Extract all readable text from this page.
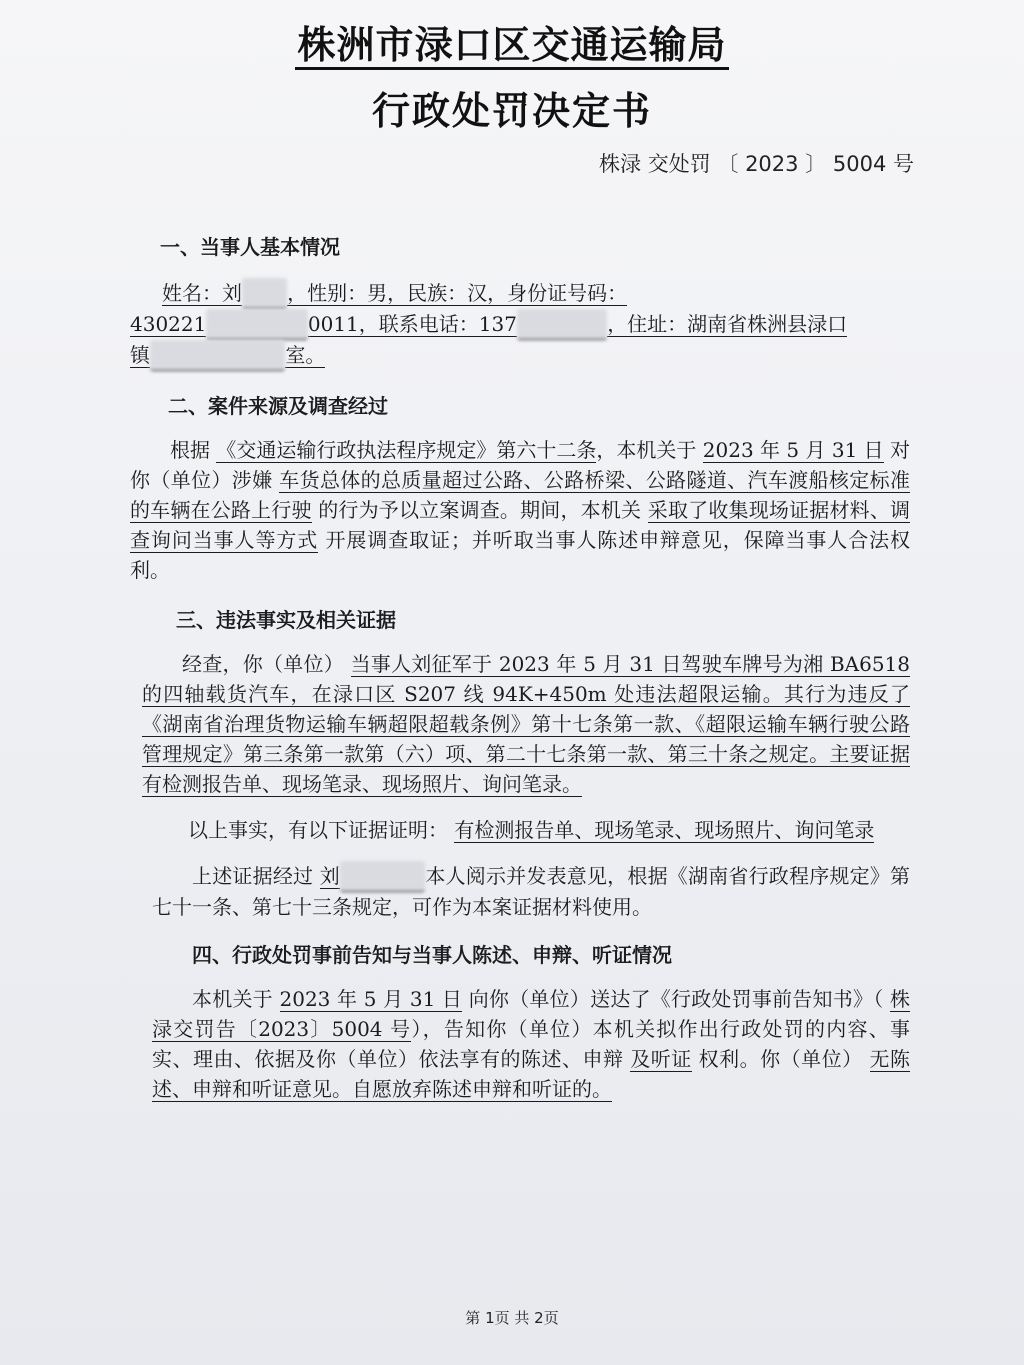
株洲市渌口区交通运输局
行政处罚决定书
株渌 交处罚 〔 2023 〕 5004 号

一、当事人基本情况

姓名：刘 ，性别：男，民族：汉，身份证号码：

430221	0011，联系电话：137	，住址：湖南省株洲县渌口

镇	室。

二、案件来源及调查经过

根据 《交通运输行政执法程序规定》第六十二条，本机关于 2023 年 5 月 31 日 对你（单位）涉嫌 车货总体的总质量超过公路、公路桥梁、公路隧道、汽车渡船核定标准的车辆在公路上行驶 的行为予以立案调查。期间，本机关 采取了收集现场证据材料、调查询问当事人等方式 开展调查取证；并听取当事人陈述申辩意见，保障当事人合法权利。

三、违法事实及相关证据

经查，你（单位） 当事人刘征军于 2023 年 5 月 31 日驾驶车牌号为湘 BA6518 的四轴载货汽车，在渌口区 S207 线 94K+450m 处违法超限运输。其行为违反了《湖南省治理货物运输车辆超限超载条例》第十七条第一款、《超限运输车辆行驶公路管理规定》第三条第一款第（六）项、第二十七条第一款、第三十条之规定。主要证据有检测报告单、现场笔录、现场照片、询问笔录。

以上事实，有以下证据证明： 有检测报告单、现场笔录、现场照片、询问笔录

上述证据经过 刘	本人阅示并发表意见，根据《湖南省行政程序规定》第七十一条、第七十三条规定，可作为本案证据材料使用。

四、行政处罚事前告知与当事人陈述、申辩、听证情况

本机关于 2023 年 5 月 31 日 向你（单位）送达了《行政处罚事前告知书》（ 株渌交罚告〔2023〕5004 号），告知你（单位）本机关拟作出行政处罚的内容、事实、理由、依据及你（单位）依法享有的陈述、申辩 及听证 权利。你（单位） 无陈述、申辩和听证意见。自愿放弃陈述申辩和听证的。

第 1页 共 2页
